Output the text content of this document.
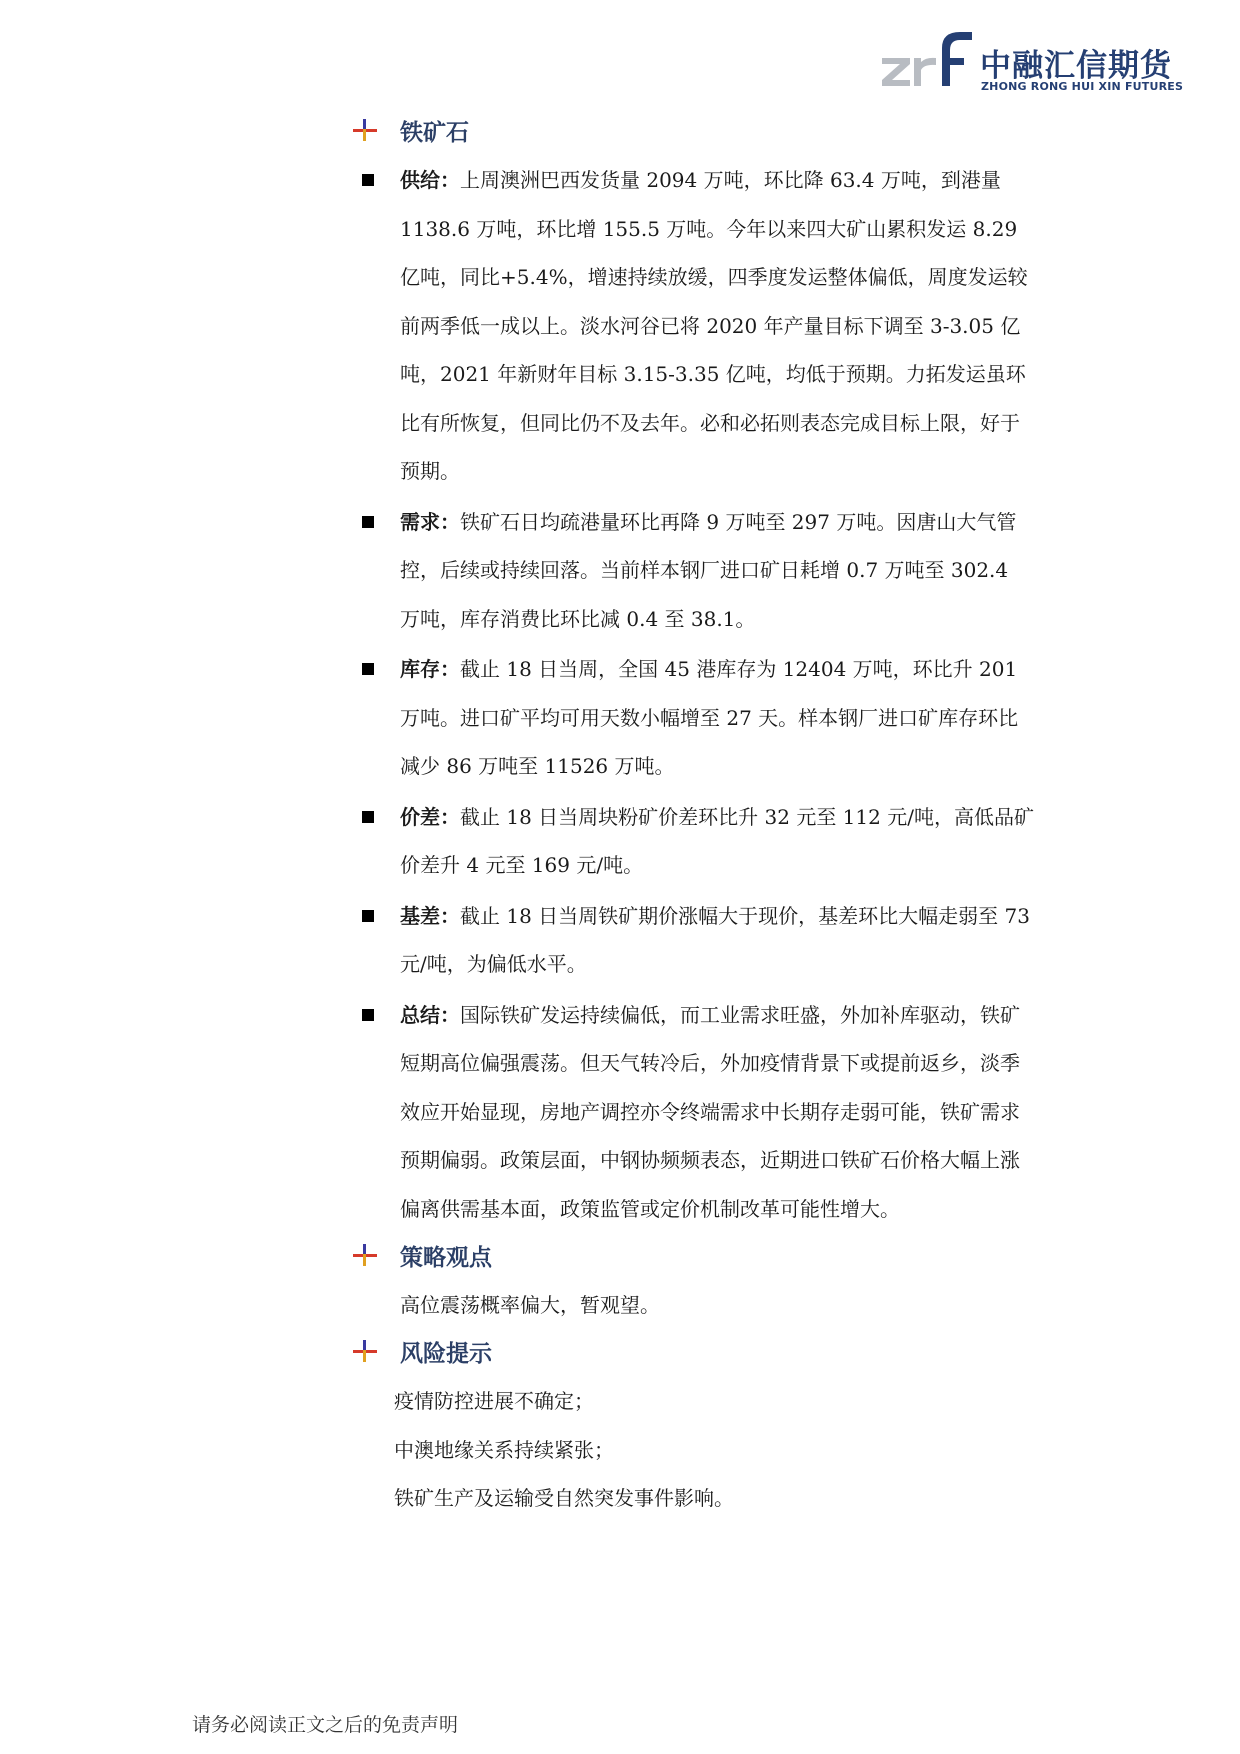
中融汇信期货
ZHONG RONG HUI XIN FUTURES
铁矿石
供给：上周澳洲巴西发货量 2094 万吨，环比降 63.4 万吨，到港量 1138.6 万吨，环比增 155.5 万吨。今年以来四大矿山累积发运 8.29 亿吨，同比+5.4%，增速持续放缓，四季度发运整体偏低，周度发运较前两季低一成以上。淡水河谷已将 2020 年产量目标下调至 3-3.05 亿吨，2021 年新财年目标 3.15-3.35 亿吨，均低于预期。力拓发运虽环比有所恢复，但同比仍不及去年。必和必拓则表态完成目标上限，好于预期。
需求：铁矿石日均疏港量环比再降 9 万吨至 297 万吨。因唐山大气管控，后续或持续回落。当前样本钢厂进口矿日耗增 0.7 万吨至 302.4 万吨，库存消费比环比减 0.4 至 38.1。
库存：截止 18 日当周，全国 45 港库存为 12404 万吨，环比升 201 万吨。进口矿平均可用天数小幅增至 27 天。样本钢厂进口矿库存环比减少 86 万吨至 11526 万吨。
价差：截止 18 日当周块粉矿价差环比升 32 元至 112 元/吨，高低品矿价差升 4 元至 169 元/吨。
基差：截止 18 日当周铁矿期价涨幅大于现价，基差环比大幅走弱至 73 元/吨，为偏低水平。
总结：国际铁矿发运持续偏低，而工业需求旺盛，外加补库驱动，铁矿短期高位偏强震荡。但天气转冷后，外加疫情背景下或提前返乡，淡季效应开始显现，房地产调控亦令终端需求中长期存走弱可能，铁矿需求预期偏弱。政策层面，中钢协频频表态，近期进口铁矿石价格大幅上涨偏离供需基本面，政策监管或定价机制改革可能性增大。
策略观点
高位震荡概率偏大，暂观望。
风险提示
疫情防控进展不确定；
中澳地缘关系持续紧张；
铁矿生产及运输受自然突发事件影响。
请务必阅读正文之后的免责声明
